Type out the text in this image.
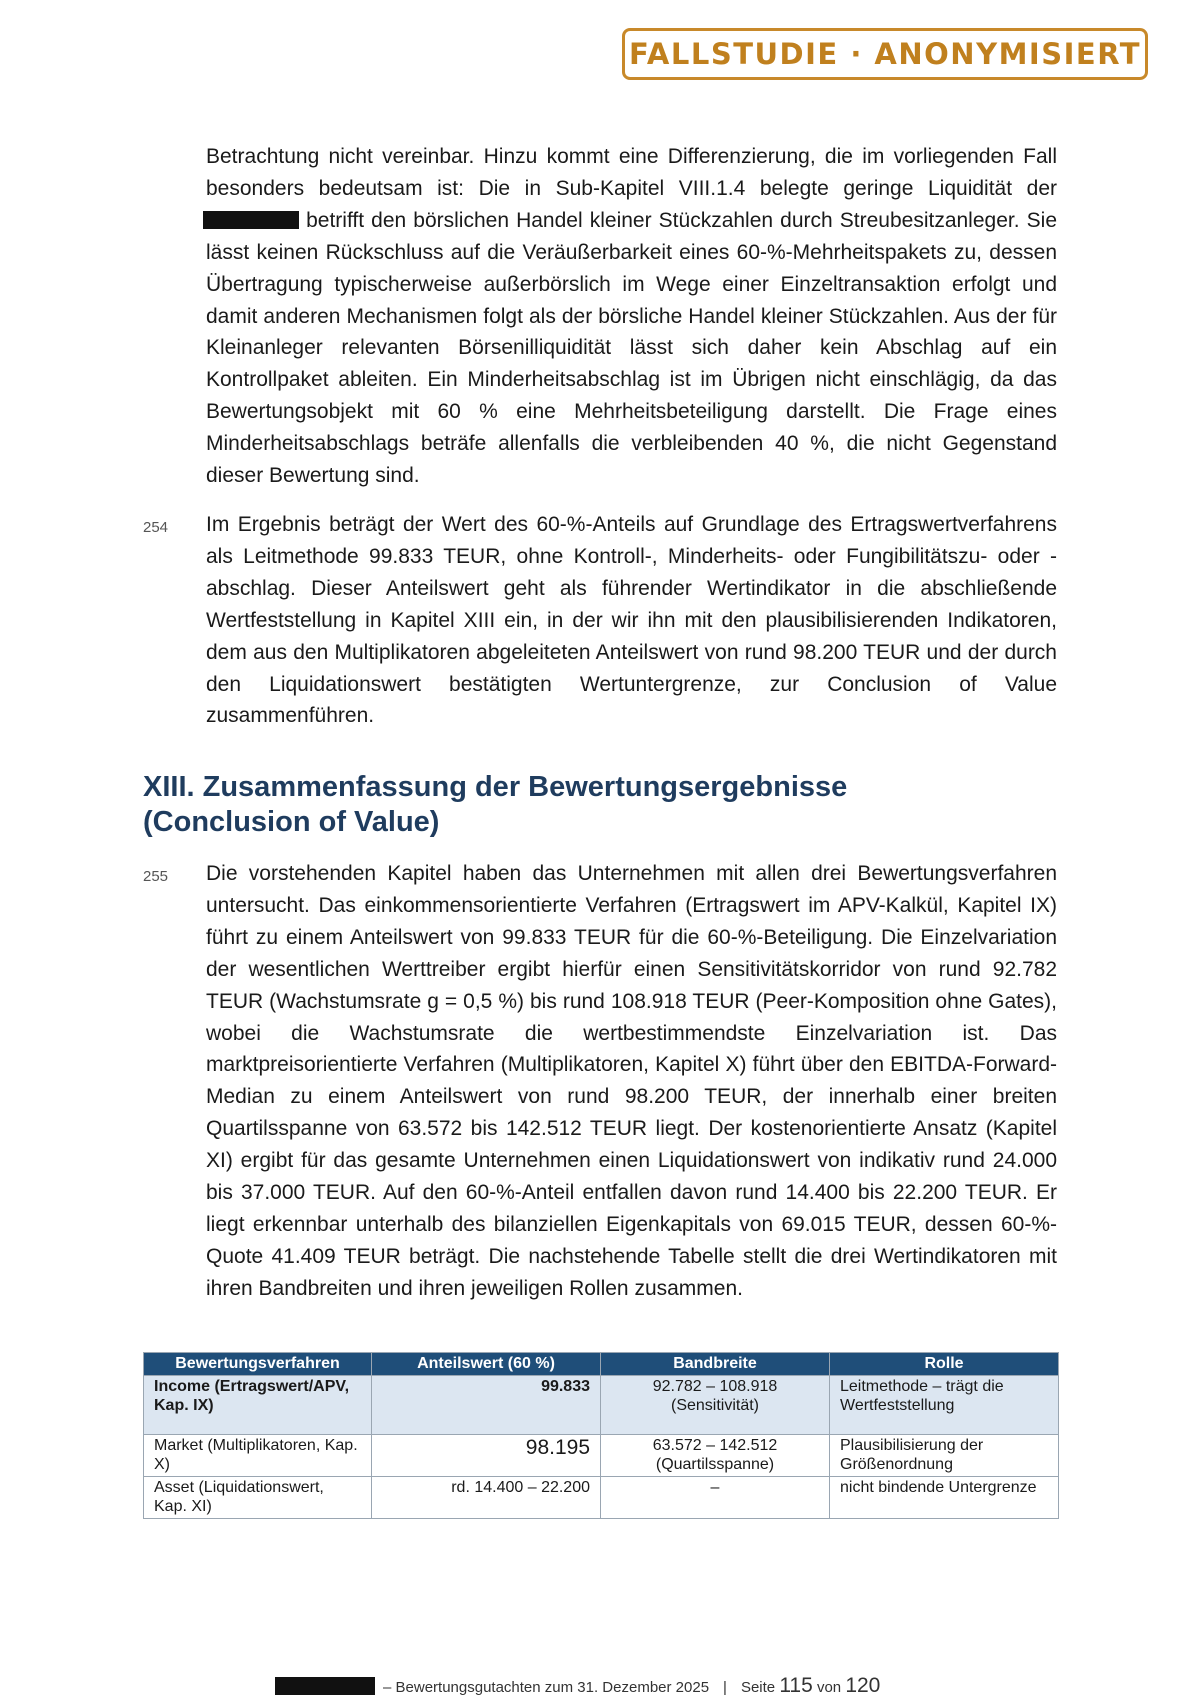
FALLSTUDIE · ANONYMISIERT

Betrachtung nicht vereinbar. Hinzu kommt eine Differenzierung, die im vorliegenden Fall besonders bedeutsam ist: Die in Sub-Kapitel VIII.1.4 belegte geringe Liquidität der  betrifft den börslichen Handel kleiner Stückzahlen durch Streubesitzanleger. Sie lässt keinen Rückschluss auf die Veräußerbarkeit eines 60-%-Mehrheitspakets zu, dessen Übertragung typischerweise außerbörslich im Wege einer Einzeltransaktion erfolgt und damit anderen Mechanismen folgt als der börsliche Handel kleiner Stückzahlen. Aus der für Kleinanleger relevanten Börsenilliquidität lässt sich daher kein Abschlag auf ein Kontrollpaket ableiten. Ein Minderheitsabschlag ist im Übrigen nicht einschlägig, da das Bewertungsobjekt mit 60 % eine Mehrheitsbeteiligung darstellt. Die Frage eines Minderheitsabschlags beträfe allenfalls die verbleibenden 40 %, die nicht Gegenstand dieser Bewertung sind.

254 Im Ergebnis beträgt der Wert des 60-%-Anteils auf Grundlage des Ertragswertverfahrens als Leitmethode 99.833 TEUR, ohne Kontroll-, Minderheits- oder Fungibilitätszu- oder -abschlag. Dieser Anteilswert geht als führender Wertindikator in die abschließende Wertfeststellung in Kapitel XIII ein, in der wir ihn mit den plausibilisierenden Indikatoren, dem aus den Multiplikatoren abgeleiteten Anteilswert von rund 98.200 TEUR und der durch den Liquidationswert bestätigten Wertuntergrenze, zur Conclusion of Value zusammenführen.

XIII. Zusammenfassung der Bewertungsergebnisse
(Conclusion of Value)
255 Die vorstehenden Kapitel haben das Unternehmen mit allen drei Bewertungsverfahren untersucht. Das einkommensorientierte Verfahren (Ertragswert im APV-Kalkül, Kapitel IX) führt zu einem Anteilswert von 99.833 TEUR für die 60-%-Beteiligung. Die Einzelvariation der wesentlichen Werttreiber ergibt hierfür einen Sensitivitätskorridor von rund 92.782 TEUR (Wachstumsrate g = 0,5 %) bis rund 108.918 TEUR (Peer-Komposition ohne Gates), wobei die Wachstumsrate die wertbestimmendste Einzelvariation ist. Das marktpreisorientierte Verfahren (Multiplikatoren, Kapitel X) führt über den EBITDA-Forward-Median zu einem Anteilswert von rund 98.200 TEUR, der innerhalb einer breiten Quartilsspanne von 63.572 bis 142.512 TEUR liegt. Der kostenorientierte Ansatz (Kapitel XI) ergibt für das gesamte Unternehmen einen Liquidationswert von indikativ rund 24.000 bis 37.000 TEUR. Auf den 60-%-Anteil entfallen davon rund 14.400 bis 22.200 TEUR. Er liegt erkennbar unterhalb des bilanziellen Eigenkapitals von 69.015 TEUR, dessen 60-%-Quote 41.409 TEUR beträgt. Die nachstehende Tabelle stellt die drei Wertindikatoren mit ihren Bandbreiten und ihren jeweiligen Rollen zusammen.

Bewertungsverfahren	Anteilswert (60 %)	Bandbreite	Rolle
Income (Ertragswert/APV, Kap. IX)	99.833	92.782 – 108.918 (Sensitivität)	Leitmethode – trägt die Wertfeststellung
Market (Multiplikatoren, Kap. X)	98.195	63.572 – 142.512 (Quartilsspanne)	Plausibilisierung der Größenordnung
Asset (Liquidationswert, Kap. XI)	rd. 14.400 – 22.200	–	nicht bindende Untergrenze
– Bewertungsgutachten zum 31. Dezember 2025 | Seite 115 von 120
